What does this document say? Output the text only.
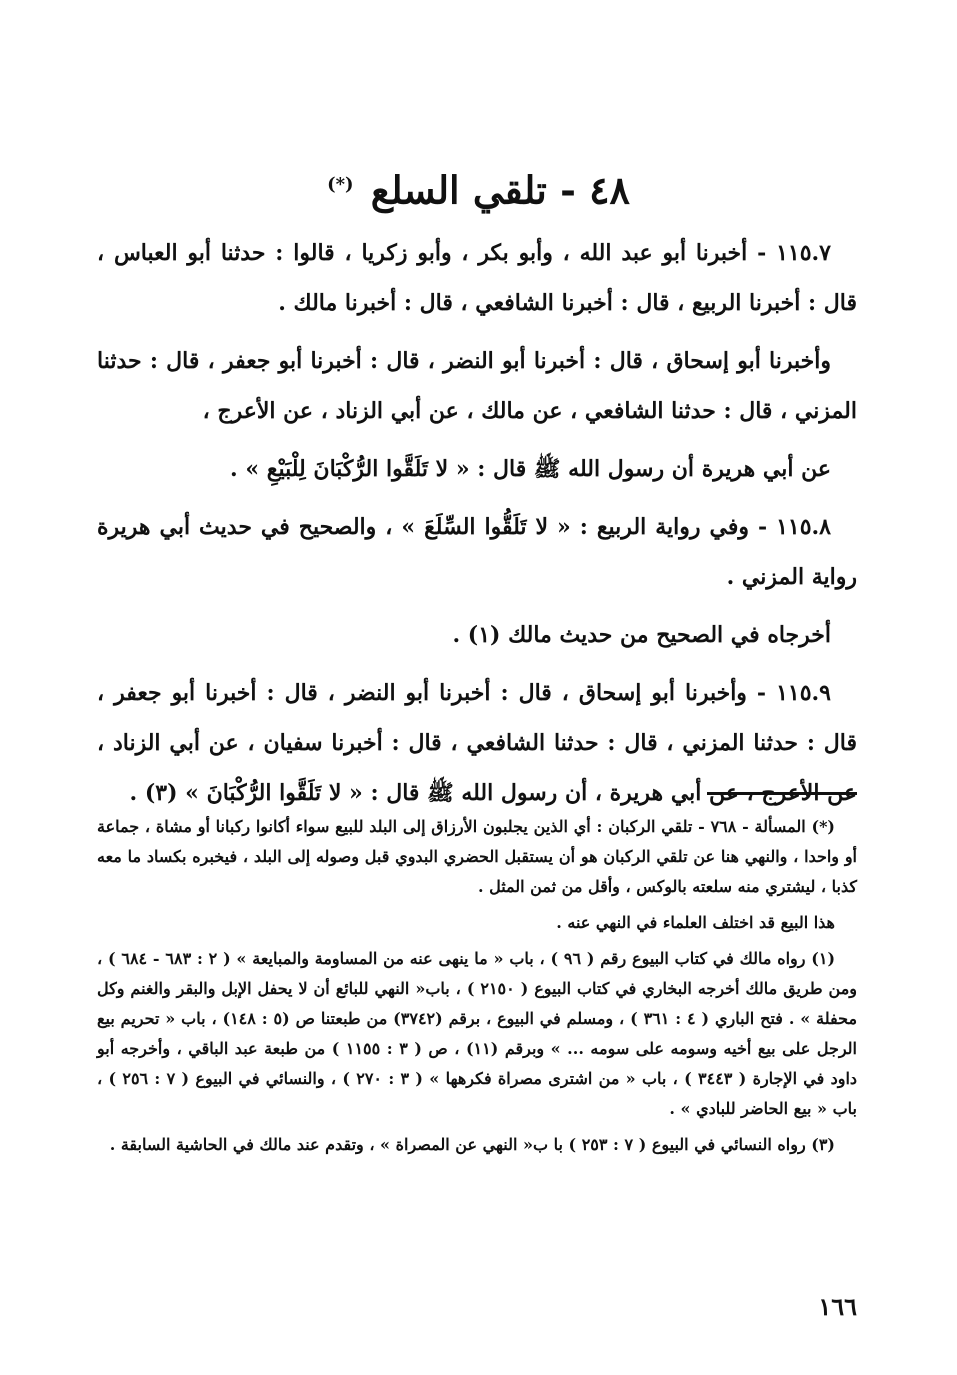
٤٨ - تلقي السلع (*)

١١٥.٧ - أخبرنا أبو عبد الله ، وأبو بكر ، وأبو زكريا ، قالوا : حدثنا أبو العباس ، قال : أخبرنا الربيع ، قال : أخبرنا الشافعي ، قال : أخبرنا مالك .

وأخبرنا أبو إسحاق ، قال : أخبرنا أبو النضر ، قال : أخبرنا أبو جعفر ، قال : حدثنا المزني ، قال : حدثنا الشافعي ، عن مالك ، عن أبي الزناد ، عن الأعرج ،

عن أبي هريرة أن رسول الله ﷺ قال : « لا تَلَقَّوا الرُّكْبَانَ لِلْبَيْعِ » .

١١٥.٨ - وفي رواية الربيع : « لا تَلَقُّوا السِّلَعَ » ، والصحيح في حديث أبي هريرة رواية المزني .

أخرجاه في الصحيح من حديث مالك (١) .

١١٥.٩ - وأخبرنا أبو إسحاق ، قال : أخبرنا أبو النضر ، قال : أخبرنا أبو جعفر ، قال : حدثنا المزني ، قال : حدثنا الشافعي ، قال : أخبرنا سفيان ، عن أبي الزناد ، عن الأعرج ، عن أبي هريرة ، أن رسول الله ﷺ قال : « لا تَلَقَّوا الرُّكْبَانَ » (٣) .

(*) المسألة - ٧٦٨ - تلقي الركبان : أي الذين يجلبون الأرزاق إلى البلد للبيع سواء أكانوا ركبانا أو مشاة ، جماعة أو واحدا ، والنهي هنا عن تلقي الركبان هو أن يستقبل الحضري البدوي قبل وصوله إلى البلد ، فيخبره بكساد ما معه كذبا ، ليشتري منه سلعته بالوكس ، وأقل من ثمن المثل .

هذا البيع قد اختلف العلماء في النهي عنه .

(١) رواه مالك في كتاب البيوع رقم ( ٩٦ ) ، باب « ما ينهى عنه من المساومة والمبايعة » ( ٢ : ٦٨٣ - ٦٨٤ ) ، ومن طريق مالك أخرجه البخاري في كتاب البيوع ( ٢١٥٠ ) ، باب« النهي للبائع أن لا يحفل الإبل والبقر والغنم وكل محفلة » . فتح الباري ( ٤ : ٣٦١ ) ، ومسلم في البيوع ، برقم (٣٧٤٢) من طبعتنا ص (٥ : ١٤٨) ، باب « تحريم بيع الرجل على بيع أخيه وسومه على سومه ... » وبرقم (١١) ، ص ( ٣ : ١١٥٥ ) من طبعة عبد الباقي ، وأخرجه أبو داود في الإجارة ( ٣٤٤٣ ) ، باب « من اشترى مصراة فكرهها » ( ٣ : ٢٧٠ ) ، والنسائي في البيوع ( ٧ : ٢٥٦ ) ، باب « بيع الحاضر للبادي » .

(٣) رواه النسائي في البيوع ( ٧ : ٢٥٣ ) با ب« النهي عن المصراة » ، وتقدم عند مالك في الحاشية السابقة .

١٦٦
